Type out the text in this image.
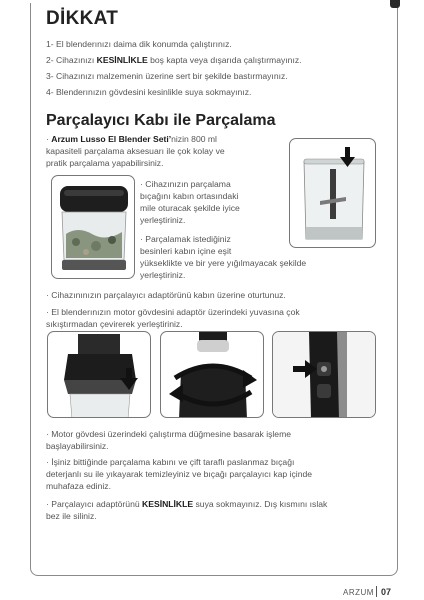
DİKKAT
1- El blenderınızı daima dik konumda çalıştırınız.
2- Cihazınızı KESİNLİKLE boş kapta veya dışarıda çalıştırmayınız.
3- Cihazınızı malzemenin üzerine sert bir şekilde bastırmayınız.
4- Blenderınızın gövdesini kesinlikle suya sokmayınız.
Parçalayıcı Kabı ile Parçalama
· Arzum Lusso El Blender Seti’nizin 800 ml
kapasiteli parçalama aksesuarı ile çok kolay ve
pratik parçalama yapabilirsiniz.
· Cihazınızın parçalama
bıçağını kabın ortasındaki
mile oturacak şekilde iyice
yerleştiriniz.
· Parçalamak istediğiniz
besinleri kabın içine eşit
yükseklikte ve bir yere yığılmayacak şekilde
yerleştiriniz.
· Cihazınınızın parçalayıcı adaptörünü kabın üzerine oturtunuz.
· El blenderınızın motor gövdesini adaptör üzerindeki yuvasına çok
sıkıştırmadan çevirerek yerleştiriniz.
· Motor gövdesi üzerindeki çalıştırma düğmesine basarak işleme
başlayabilirsiniz.
· İşiniz bittiğinde parçalama kabını ve çift taraflı paslanmaz bıçağı
deterjanlı su ile yıkayarak temizleyiniz ve bıçağı parçalayıcı kap içinde
muhafaza ediniz.
· Parçalayıcı adaptörünü KESİNLİKLE suya sokmayınız. Dış kısmını ıslak
bez ile siliniz.
ARZUM 07
